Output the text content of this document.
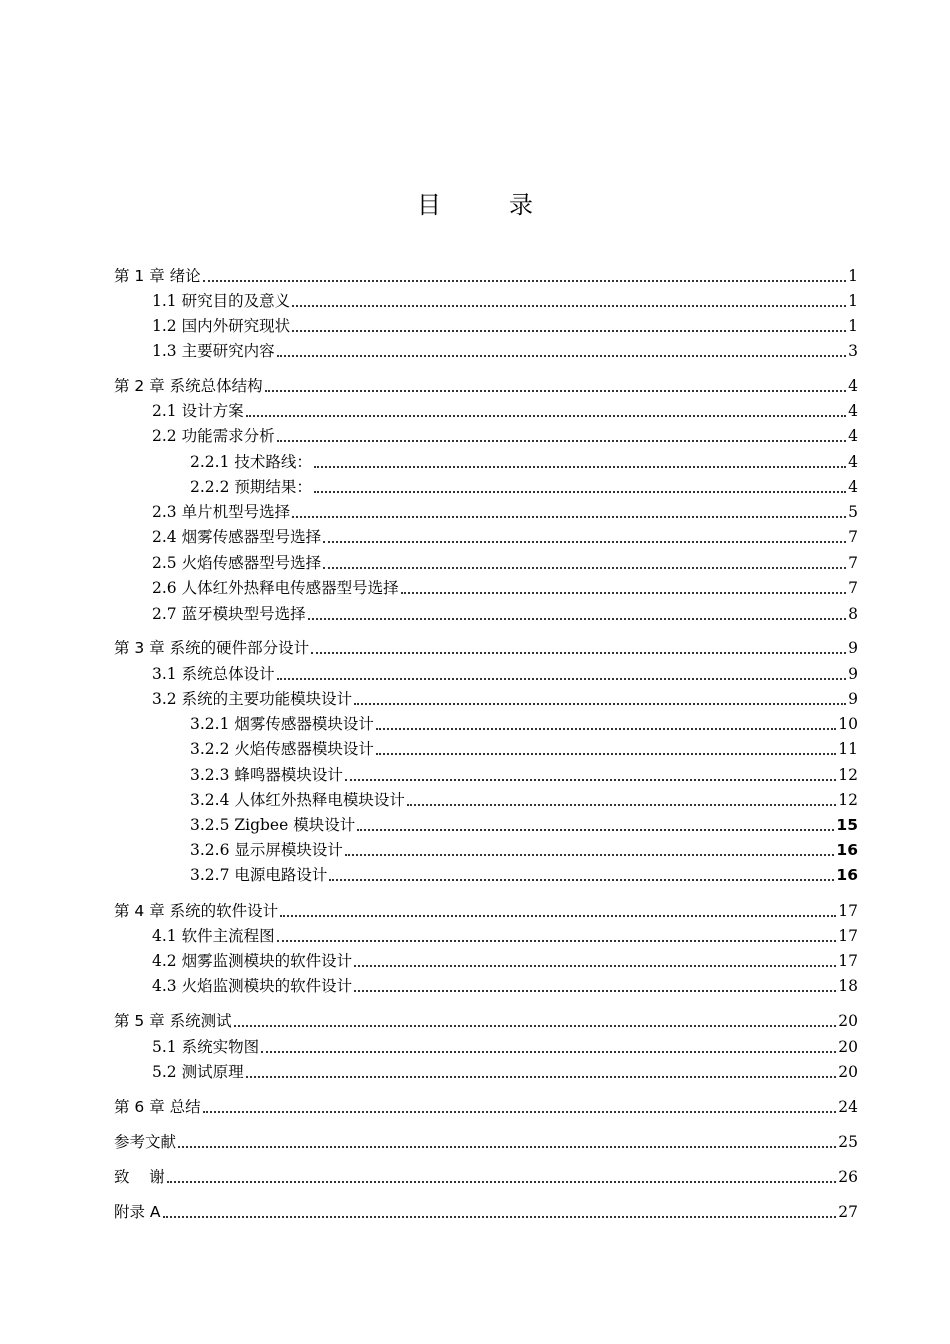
目　录
第 1 章 绪论	1
1.1 研究目的及意义	1
1.2 国内外研究现状	1
1.3 主要研究内容	3
第 2 章 系统总体结构	4
2.1 设计方案	4
2.2 功能需求分析	4
2.2.1 技术路线：	4
2.2.2 预期结果：	4
2.3 单片机型号选择	5
2.4 烟雾传感器型号选择	7
2.5 火焰传感器型号选择	7
2.6 人体红外热释电传感器型号选择	7
2.7 蓝牙模块型号选择	8
第 3 章 系统的硬件部分设计	9
3.1 系统总体设计	9
3.2 系统的主要功能模块设计	9
3.2.1 烟雾传感器模块设计	10
3.2.2 火焰传感器模块设计	11
3.2.3 蜂鸣器模块设计	12
3.2.4 人体红外热释电模块设计	12
3.2.5 Zigbee 模块设计	15
3.2.6 显示屏模块设计	16
3.2.7 电源电路设计	16
第 4 章 系统的软件设计	17
4.1 软件主流程图	17
4.2 烟雾监测模块的软件设计	17
4.3 火焰监测模块的软件设计	18
第 5 章 系统测试	20
5.1 系统实物图	20
5.2 测试原理	20
第 6 章 总结	24
参考文献	25
致    谢	26
附录 A	27
